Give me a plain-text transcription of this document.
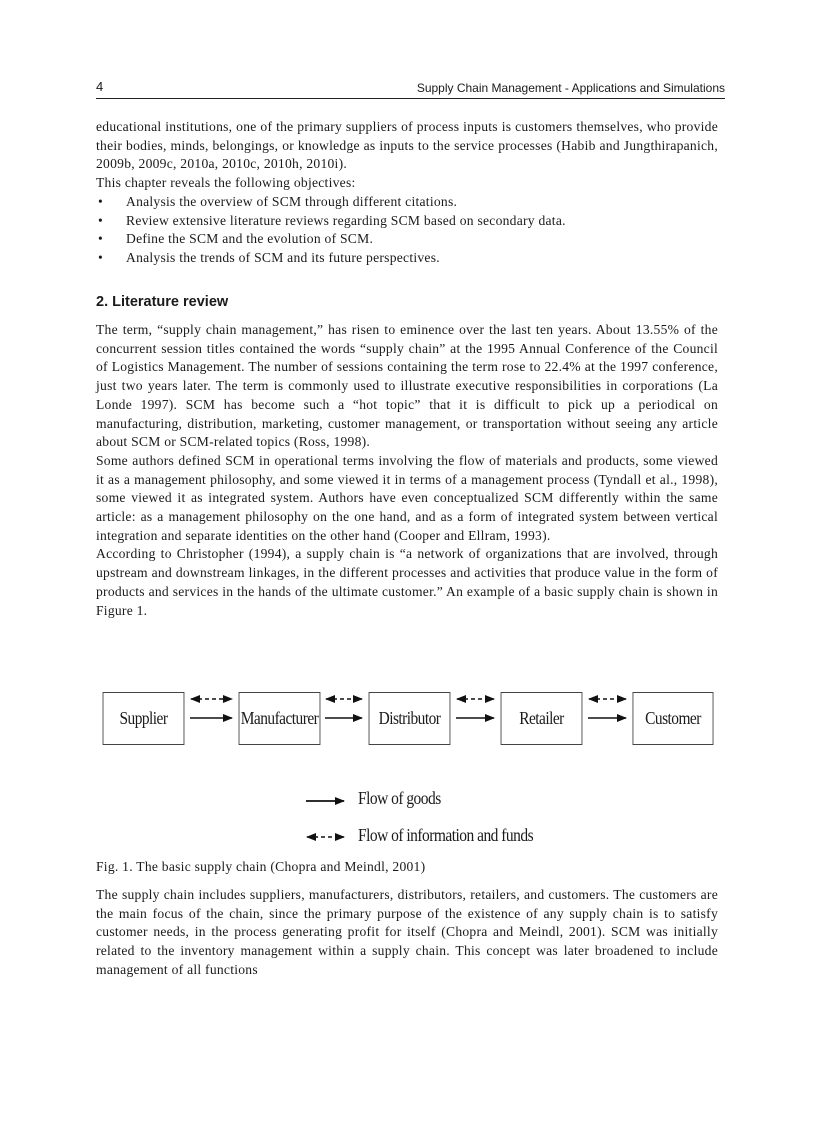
4	Supply Chain Management - Applications and Simulations

educational institutions, one of the primary suppliers of process inputs is customers themselves, who provide their bodies, minds, belongings, or knowledge as inputs to the service processes (Habib and Jungthirapanich, 2009b, 2009c, 2010a, 2010c, 2010h, 2010i).

This chapter reveals the following objectives:

• Analysis the overview of SCM through different citations.
• Review extensive literature reviews regarding SCM based on secondary data.
• Define the SCM and the evolution of SCM.
• Analysis the trends of SCM and its future perspectives.
2. Literature review

The term, “supply chain management,” has risen to eminence over the last ten years. About 13.55% of the concurrent session titles contained the words “supply chain” at the 1995 Annual Conference of the Council of Logistics Management. The number of sessions containing the term rose to 22.4% at the 1997 conference, just two years later. The term is commonly used to illustrate executive responsibilities in corporations (La Londe 1997). SCM has become such a “hot topic” that it is difficult to pick up a periodical on manufacturing, distribution, marketing, customer management, or transportation without seeing any article about SCM or SCM-related topics (Ross, 1998).

Some authors defined SCM in operational terms involving the flow of materials and products, some viewed it as a management philosophy, and some viewed it in terms of a management process (Tyndall et al., 1998), some viewed it as integrated system. Authors have even conceptualized SCM differently within the same article: as a management philosophy on the one hand, and as a form of integrated system between vertical integration and separate identities on the other hand (Cooper and Ellram, 1993).

According to Christopher (1994), a supply chain is “a network of organizations that are involved, through upstream and downstream linkages, in the different processes and activities that produce value in the form of products and services in the hands of the ultimate customer.” An example of a basic supply chain is shown in Figure 1.

Supplier	Manufacturer	Distributor	Retailer	Customer
Flow of goods
Flow of information and funds
Fig. 1. The basic supply chain (Chopra and Meindl, 2001)

The supply chain includes suppliers, manufacturers, distributors, retailers, and customers. The customers are the main focus of the chain, since the primary purpose of the existence of any supply chain is to satisfy customer needs, in the process generating profit for itself (Chopra and Meindl, 2001). SCM was initially related to the inventory management within a supply chain. This concept was later broadened to include management of all functions
